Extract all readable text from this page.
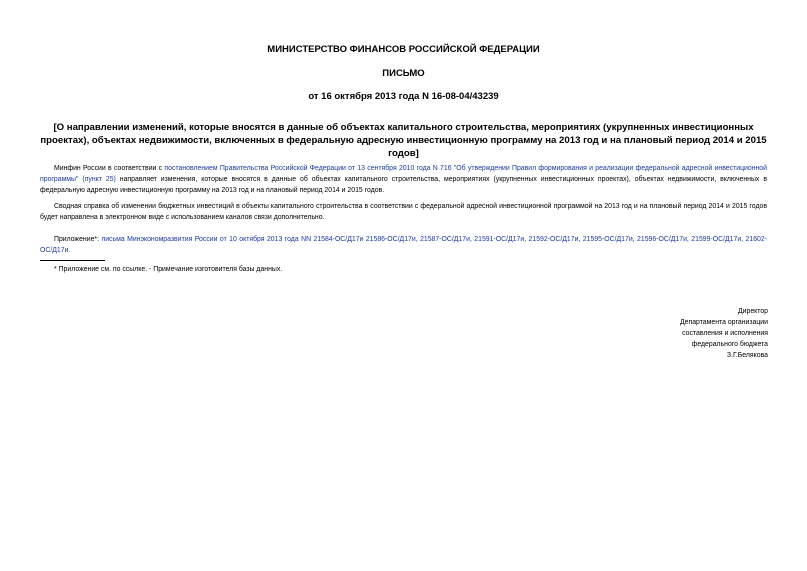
МИНИСТЕРСТВО ФИНАНСОВ РОССИЙСКОЙ ФЕДЕРАЦИИ
ПИСЬМО
от 16 октября 2013 года N 16-08-04/43239
[О направлении изменений, которые вносятся в данные об объектах капитального строительства, мероприятиях (укрупненных инвестиционных проектах), объектах недвижимости, включенных в федеральную адресную инвестиционную программу на 2013 год и на плановый период 2014 и 2015 годов]
Минфин России в соответствии с постановлением Правительства Российской Федерации от 13 сентября 2010 года N 716 "Об утверждении Правил формирования и реализации федеральной адресной инвестиционной программы" (пункт 25) направляет изменения, которые вносятся в данные об объектах капитального строительства, мероприятиях (укрупненных инвестиционных проектах), объектах недвижимости, включенных в федеральную адресную инвестиционную программу на 2013 год и на плановый период 2014 и 2015 годов.
Сводная справка об изменении бюджетных инвестиций в объекты капитального строительства в соответствии с федеральной адресной инвестиционной программой на 2013 год и на плановый период 2014 и 2015 годов будет направлена в электронном виде с использованием каналов связи дополнительно.
Приложение*: письма Минэкономразвития России от 10 октября 2013 года NN 21584-ОС/Д17и 21586-ОС/Д17и, 21587-ОС/Д17и, 21591-ОС/Д17и, 21592-ОС/Д17и, 21595-ОС/Д17и, 21596-ОС/Д17и, 21599-ОС/Д17и, 21602-ОС/Д17и.
* Приложение см. по ссылке. - Примечание изготовителя базы данных.
Директор
Департамента организации
составления и исполнения
федерального бюджета
З.Г.Белякова
